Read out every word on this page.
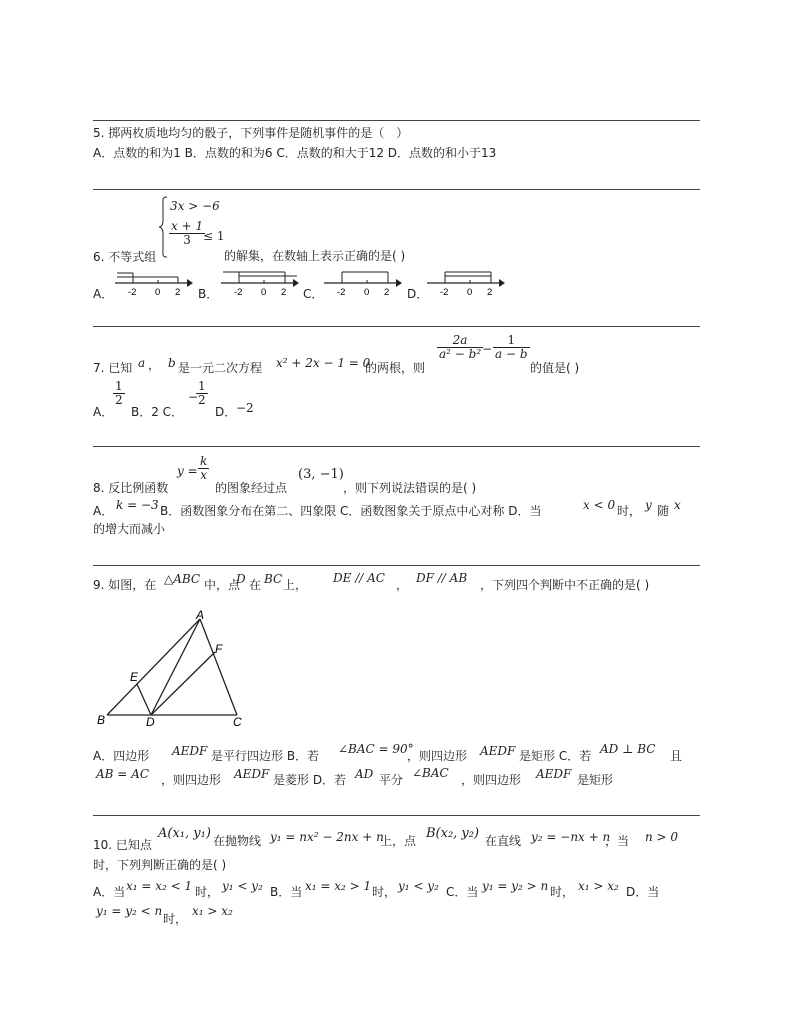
5. 掷两枚质地均匀的骰子，下列事件是随机事件的是（　）
A．点数的和为1 B．点数的和为6 C．点数的和大于12 D．点数的和小于13
3x > −6
$\frac{x + 1}{3}$
≤ 1
6. 不等式组	的解集，在数轴上表示正确的是( )
A．	B．	C．	D．
-2 0 2	-2 0 2	-2 0 2	-2 0 2
7. 已知 a ， b 是一元二次方程 x² + 2x − 1 = 0
的两根，则
$\frac{2a}{\text{a² − b²}}$
− $\frac{1}{a - b}$
的值是( )
A．
$\frac{1}{2}$
B．2 C．
−
$\frac{1}{2}$
D． −2
$y = \frac{k}{x}$
8. 反比例函数	的图象经过点
(3, −1)
，则下列说法错误的是( )
A． k = −3 B．函数图象分布在第二、四象限 C．函数图象关于原点中心对称 D．当	x < 0 时， y 随 x
的增大而减小
9. 如图，在 △ABC 中，点
D 在 BC 上， DE // AC ， DF // AB ，下列四个判断中不正确的是( )
A
B	C
D
E
F
A．四边形 AEDF 是平行四边形 B．若 ∠BAC = 90°
，则四边形 AEDF 是矩形 C．若 AD ⊥ BC 且
AB = AC ，则四边形 AEDF 是菱形 D．若 AD 平分 ∠BAC ，则四边形 AEDF 是矩形
10. 已知点
A(x₁, y₁) 在抛物线 y₁ = nx² − 2nx + n
上，点 B(x₂, y₂) 在直线 y₂ = −nx + n
，当 n > 0
时，下列判断正确的是( )
A．当 x₁ = x₂ < 1 时， y₁ < y₂ B．当 x₁ = x₂ > 1 时， y₁ < y₂ C．当 y₁ = y₂ > n 时， x₁ > x₂ D．当
y₁ = y₂ < n
时，
x₁ > x₂
